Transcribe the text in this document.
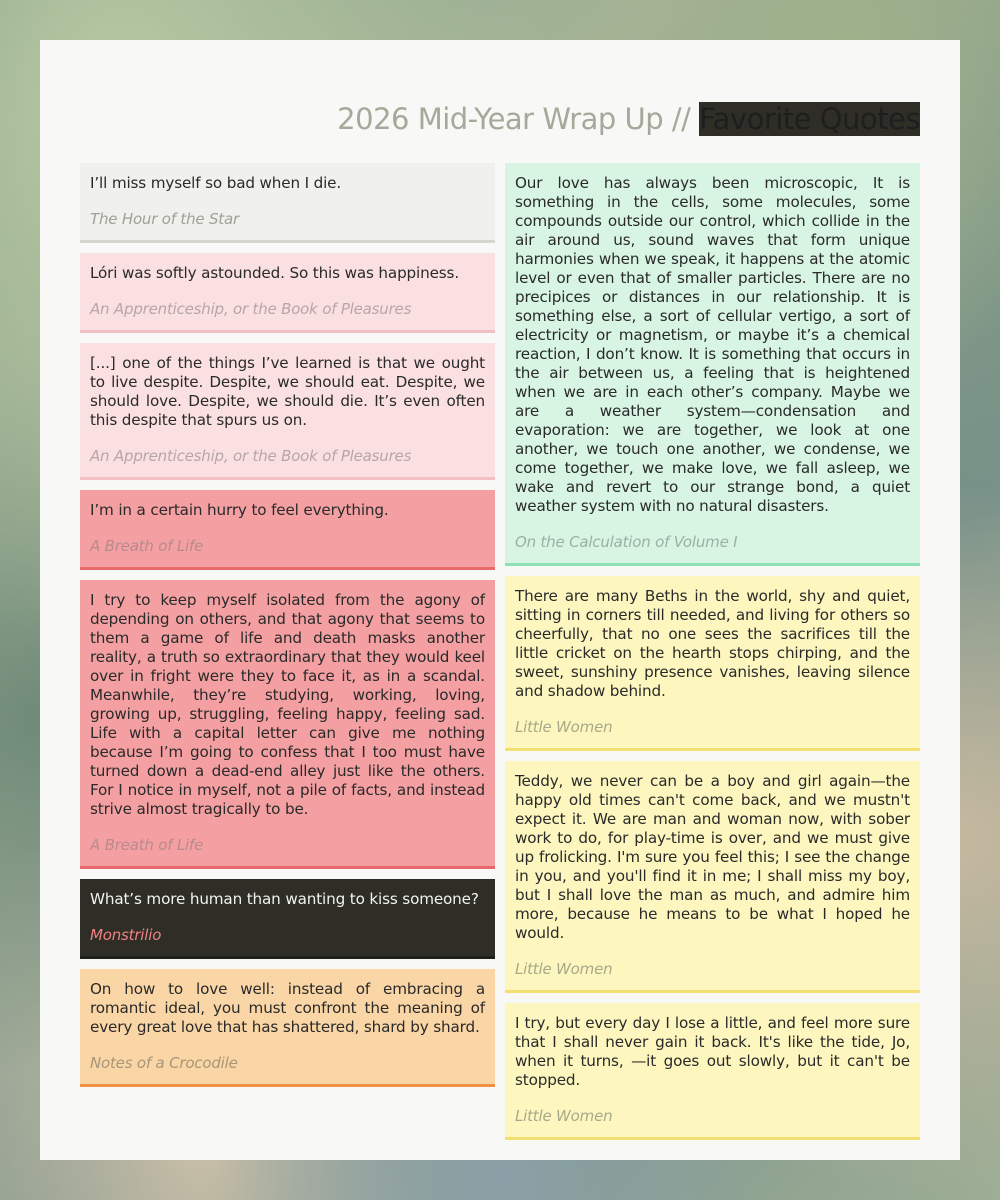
2026 Mid-Year Wrap Up // Favorite Quotes
I’ll miss myself so bad when I die.
The Hour of the Star
Lóri was softly astounded. So this was happiness.
An Apprenticeship, or the Book of Pleasures
[...] one of the things I’ve learned is that we ought to live despite. Despite, we should eat. Despite, we should love. Despite, we should die. It’s even often this despite that spurs us on.
An Apprenticeship, or the Book of Pleasures
I’m in a certain hurry to feel everything.
A Breath of Life
I try to keep myself isolated from the agony of depending on others, and that agony that seems to them a game of life and death masks another reality, a truth so extraordinary that they would keel over in fright were they to face it, as in a scandal. Meanwhile, they’re studying, working, loving, growing up, struggling, feeling happy, feeling sad. Life with a capital letter can give me nothing because I’m going to confess that I too must have turned down a dead-end alley just like the others. For I notice in myself, not a pile of facts, and instead strive almost tragically to be.
A Breath of Life
What’s more human than wanting to kiss someone?
Monstrilio
On how to love well: instead of embracing a romantic ideal, you must confront the meaning of every great love that has shattered, shard by shard.
Notes of a Crocodile
Our love has always been microscopic, It is something in the cells, some molecules, some compounds outside our control, which collide in the air around us, sound waves that form unique harmonies when we speak, it happens at the atomic level or even that of smaller particles. There are no precipices or distances in our relationship. It is something else, a sort of cellular vertigo, a sort of electricity or magnetism, or maybe it’s a chemical reaction, I don’t know. It is something that occurs in the air between us, a feeling that is heightened when we are in each other’s company. Maybe we are a weather system—condensation and evaporation: we are together, we look at one another, we touch one another, we condense, we come together, we make love, we fall asleep, we wake and revert to our strange bond, a quiet weather system with no natural disasters.
On the Calculation of Volume I
There are many Beths in the world, shy and quiet, sitting in corners till needed, and living for others so cheerfully, that no one sees the sacrifices till the little cricket on the hearth stops chirping, and the sweet, sunshiny presence vanishes, leaving silence and shadow behind.
Little Women
Teddy, we never can be a boy and girl again—the happy old times can't come back, and we mustn't expect it. We are man and woman now, with sober work to do, for play-time is over, and we must give up frolicking. I'm sure you feel this; I see the change in you, and you'll find it in me; I shall miss my boy, but I shall love the man as much, and admire him more, because he means to be what I hoped he would.
Little Women
I try, but every day I lose a little, and feel more sure that I shall never gain it back. It's like the tide, Jo, when it turns, —it goes out slowly, but it can't be stopped.
Little Women
